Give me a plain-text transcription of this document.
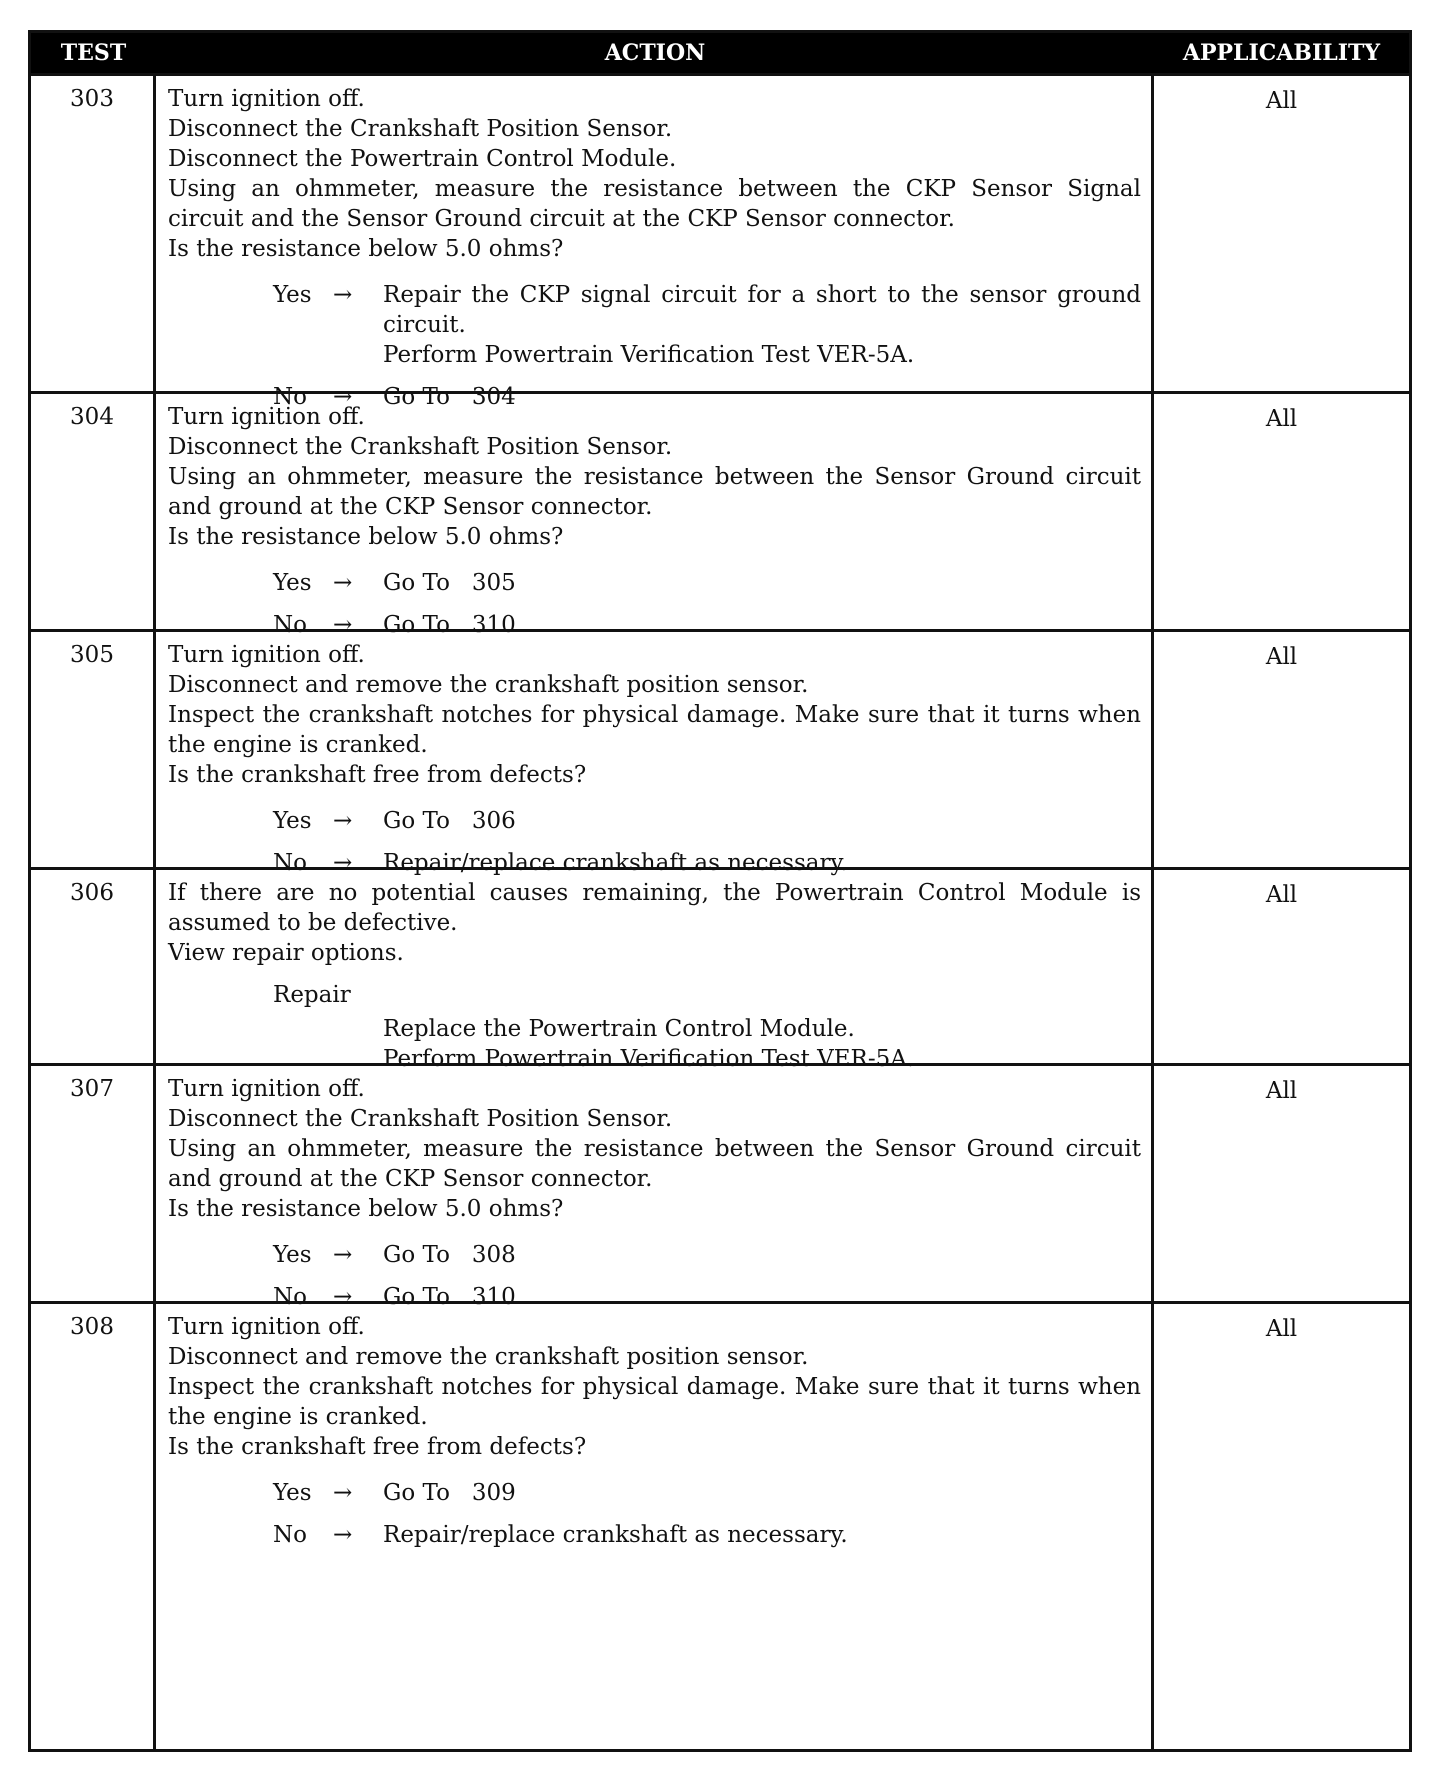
TEST	ACTION	APPLICABILITY
303	Turn ignition off.
Disconnect the Crankshaft Position Sensor.
Disconnect the Powertrain Control Module.
Using an ohmmeter, measure the resistance between the CKP Sensor Signal circuit and the Sensor Ground circuit at the CKP Sensor connector.
Is the resistance below 5.0 ohms?
Yes →	Repair the CKP signal circuit for a short to the sensor ground circuit.
Perform Powertrain Verification Test VER-5A.
No	→	Go To   304
All
304	Turn ignition off.
Disconnect the Crankshaft Position Sensor.
Using an ohmmeter, measure the resistance between the Sensor Ground circuit and ground at the CKP Sensor connector.
Is the resistance below 5.0 ohms?
Yes →	Go To   305
No	→	Go To   310
All
305	Turn ignition off.
Disconnect and remove the crankshaft position sensor.
Inspect the crankshaft notches for physical damage. Make sure that it turns when the engine is cranked.
Is the crankshaft free from defects?
Yes →	Go To   306
No	→	Repair/replace crankshaft as necessary.
All
306	If there are no potential causes remaining, the Powertrain Control Module is assumed to be defective.
View repair options.
Repair
Replace the Powertrain Control Module.
Perform Powertrain Verification Test VER-5A.
All
307	Turn ignition off.
Disconnect the Crankshaft Position Sensor.
Using an ohmmeter, measure the resistance between the Sensor Ground circuit and ground at the CKP Sensor connector.
Is the resistance below 5.0 ohms?
Yes →	Go To   308
No	→	Go To   310
All
308	Turn ignition off.
Disconnect and remove the crankshaft position sensor.
Inspect the crankshaft notches for physical damage. Make sure that it turns when the engine is cranked.
Is the crankshaft free from defects?
Yes →	Go To   309
No	→	Repair/replace crankshaft as necessary.
All
